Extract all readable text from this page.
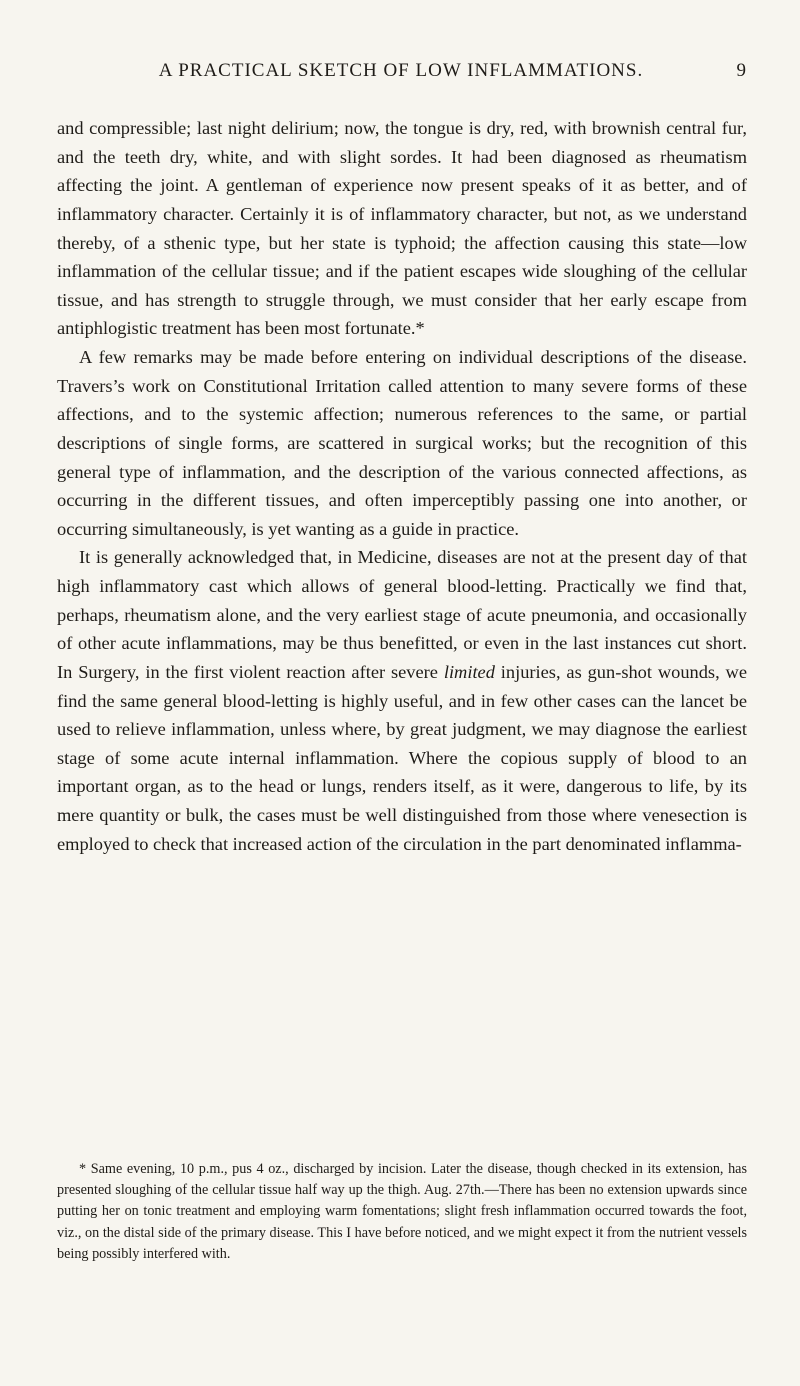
A PRACTICAL SKETCH OF LOW INFLAMMATIONS.	9

and compressible; last night delirium; now, the tongue is dry, red, with brownish central fur, and the teeth dry, white, and with slight sordes. It had been diagnosed as rheumatism affecting the joint. A gentleman of experience now present speaks of it as better, and of inflammatory character. Certainly it is of inflammatory character, but not, as we understand thereby, of a sthenic type, but her state is typhoid; the affection causing this state—low inflammation of the cellular tissue; and if the patient escapes wide sloughing of the cellular tissue, and has strength to struggle through, we must consider that her early escape from antiphlogistic treatment has been most fortunate.*

A few remarks may be made before entering on individual descriptions of the disease. Travers’s work on Constitutional Irritation called attention to many severe forms of these affections, and to the systemic affection; numerous references to the same, or partial descriptions of single forms, are scattered in surgical works; but the recognition of this general type of inflammation, and the description of the various connected affections, as occurring in the different tissues, and often imperceptibly passing one into another, or occurring simultaneously, is yet wanting as a guide in practice.

It is generally acknowledged that, in Medicine, diseases are not at the present day of that high inflammatory cast which allows of general blood-letting. Practically we find that, perhaps, rheumatism alone, and the very earliest stage of acute pneumonia, and occasionally of other acute inflammations, may be thus benefitted, or even in the last instances cut short. In Surgery, in the first violent reaction after severe limited injuries, as gun-shot wounds, we find the same general blood-letting is highly useful, and in few other cases can the lancet be used to relieve inflammation, unless where, by great judgment, we may diagnose the earliest stage of some acute internal inflammation. Where the copious supply of blood to an important organ, as to the head or lungs, renders itself, as it were, dangerous to life, by its mere quantity or bulk, the cases must be well distinguished from those where venesection is employed to check that increased action of the circulation in the part denominated inflamma-

* Same evening, 10 p.m., pus 4 oz., discharged by incision. Later the disease, though checked in its extension, has presented sloughing of the cellular tissue half way up the thigh. Aug. 27th.—There has been no extension upwards since putting her on tonic treatment and employing warm fomentations; slight fresh inflammation occurred towards the foot, viz., on the distal side of the primary disease. This I have before noticed, and we might expect it from the nutrient vessels being possibly interfered with.
